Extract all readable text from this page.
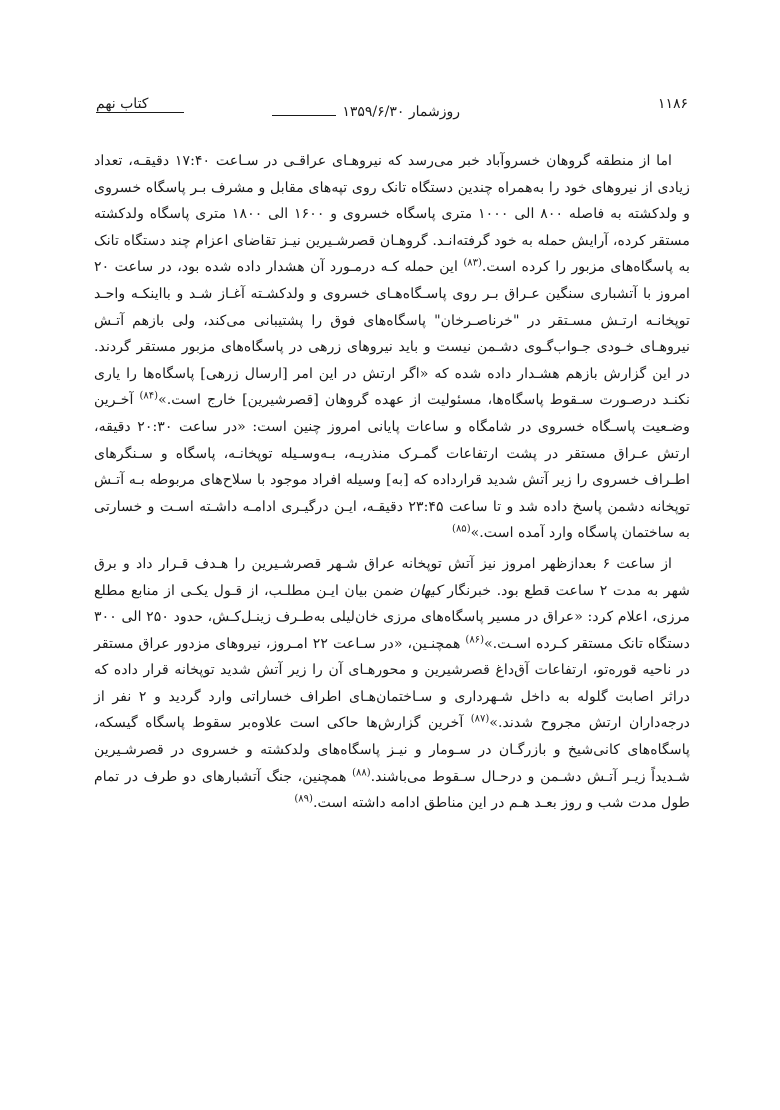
۱۱۸۶
روزشمار ۱۳۵۹/۶/۳۰
کتاب نهم

اما از منطقه گروهان خسروآباد خبر می‌رسد که نیروهـای عراقـی در سـاعت ۱۷:۴۰ دقیقـه، تعداد زیادی از نیروهای خود را به‌همراه چندین دستگاه تانک روی تپه‌های مقابل و مشرف بـر پاسگاه خسروی و ولدکشته به فاصله ۸۰۰ الی ۱۰۰۰ متری پاسگاه خسروی و ۱۶۰۰ الی ۱۸۰۰ متری پاسگاه ولدکشته مستقر کرده، آرایش حمله به خود گرفته‌انـد. گروهـان قصرشـیرین نیـز تقاضای اعزام چند دستگاه تانک به پاسگاه‌های مزبور را کرده است.$^{(۸۳)}$ این حمله کـه درمـورد آن هشدار داده شده بود، در ساعت ۲۰ امروز با آتشباری سنگین عـراق بـر روی پاسـگاه‌هـای خسروی و ولدکشـته آغـاز شـد و بااینکـه واحـد توپخانـه ارتـش مسـتقر در "خرناصـرخان" پاسگاه‌های فوق را پشتیبانی می‌کند، ولی بازهم آتـش نیروهـای خـودی جـواب‌گـوی دشـمن نیست و باید نیروهای زرهی در پاسگاه‌های مزبور مستقر گردند. در این گزارش بازهم هشـدار داده شده که «اگر ارتش در این امر [ارسال زرهی] پاسگاه‌ها را یاری نکنـد درصـورت سـقوط پاسگاه‌ها، مسئولیت از عهده گروهان [قصرشیرین] خارج است.»$^{(۸۴)}$ آخـرین وضـعیت پاسـگاه خسروی در شامگاه و ساعات پایانی امروز چنین است: «در ساعت ۲۰:۳۰ دقیقه، ارتش عـراق مستقر در پشت ارتفاعات گمـرک منذریـه، بـه‌وسـیله توپخانـه، پاسگاه و سـنگرهای اطـراف خسروی را زیر آتش شدید قرارداده که [به] وسیله افراد موجود با سلاح‌های مربوطه بـه آتـش توپخانه دشمن پاسخ داده شد و تا ساعت ۲۳:۴۵ دقیقـه، ایـن درگیـری ادامـه داشـته اسـت و خسارتی به ساختمان پاسگاه وارد آمده است.»$^{(۸۵)}$

از ساعت ۶ بعدازظهر امروز نیز آتش توپخانه عراق شـهر قصرشـیرین را هـدف قـرار داد و برق شهر به مدت ۲ ساعت قطع بود. خبرنگار کیهان ضمن بیان ایـن مطلـب، از قـول یکـی از منابع مطلع مرزی، اعلام کرد: «عراق در مسیر پاسگاه‌های مرزی خان‌لیلی به‌طـرف زینـل‌کـش، حدود ۲۵۰ الی ۳۰۰ دستگاه تانک مستقر کـرده اسـت.»$^{(۸۶)}$ همچنـین، «در سـاعت ۲۲ امـروز، نیروهای مزدور عراق مستقر در ناحیه قوره‌تو، ارتفاعات آق‌داغ قصرشیرین و محورهـای آن را زیر آتش شدید توپخانه قرار داده که دراثر اصابت گلوله به داخل شـهرداری و سـاختمان‌هـای اطراف خساراتی وارد گردید و ۲ نفر از درجه‌داران ارتش مجروح شدند.»$^{(۸۷)}$ آخرین گزارش‌ها حاکی است علاوه‌بر سقوط پاسگاه گیسکه، پاسگاه‌های کانی‌شیخ و بازرگـان در سـومار و نیـز پاسگاه‌های ولدکشته و خسروی در قصرشـیرین شـدیداً زیـر آتـش دشـمن و درحـال سـقوط می‌باشند.$^{(۸۸)}$ همچنین، جنگ آتشبارهای دو طرف در تمام طول مدت شب و روز بعـد هـم در این مناطق ادامه داشته است.$^{(۸۹)}$
